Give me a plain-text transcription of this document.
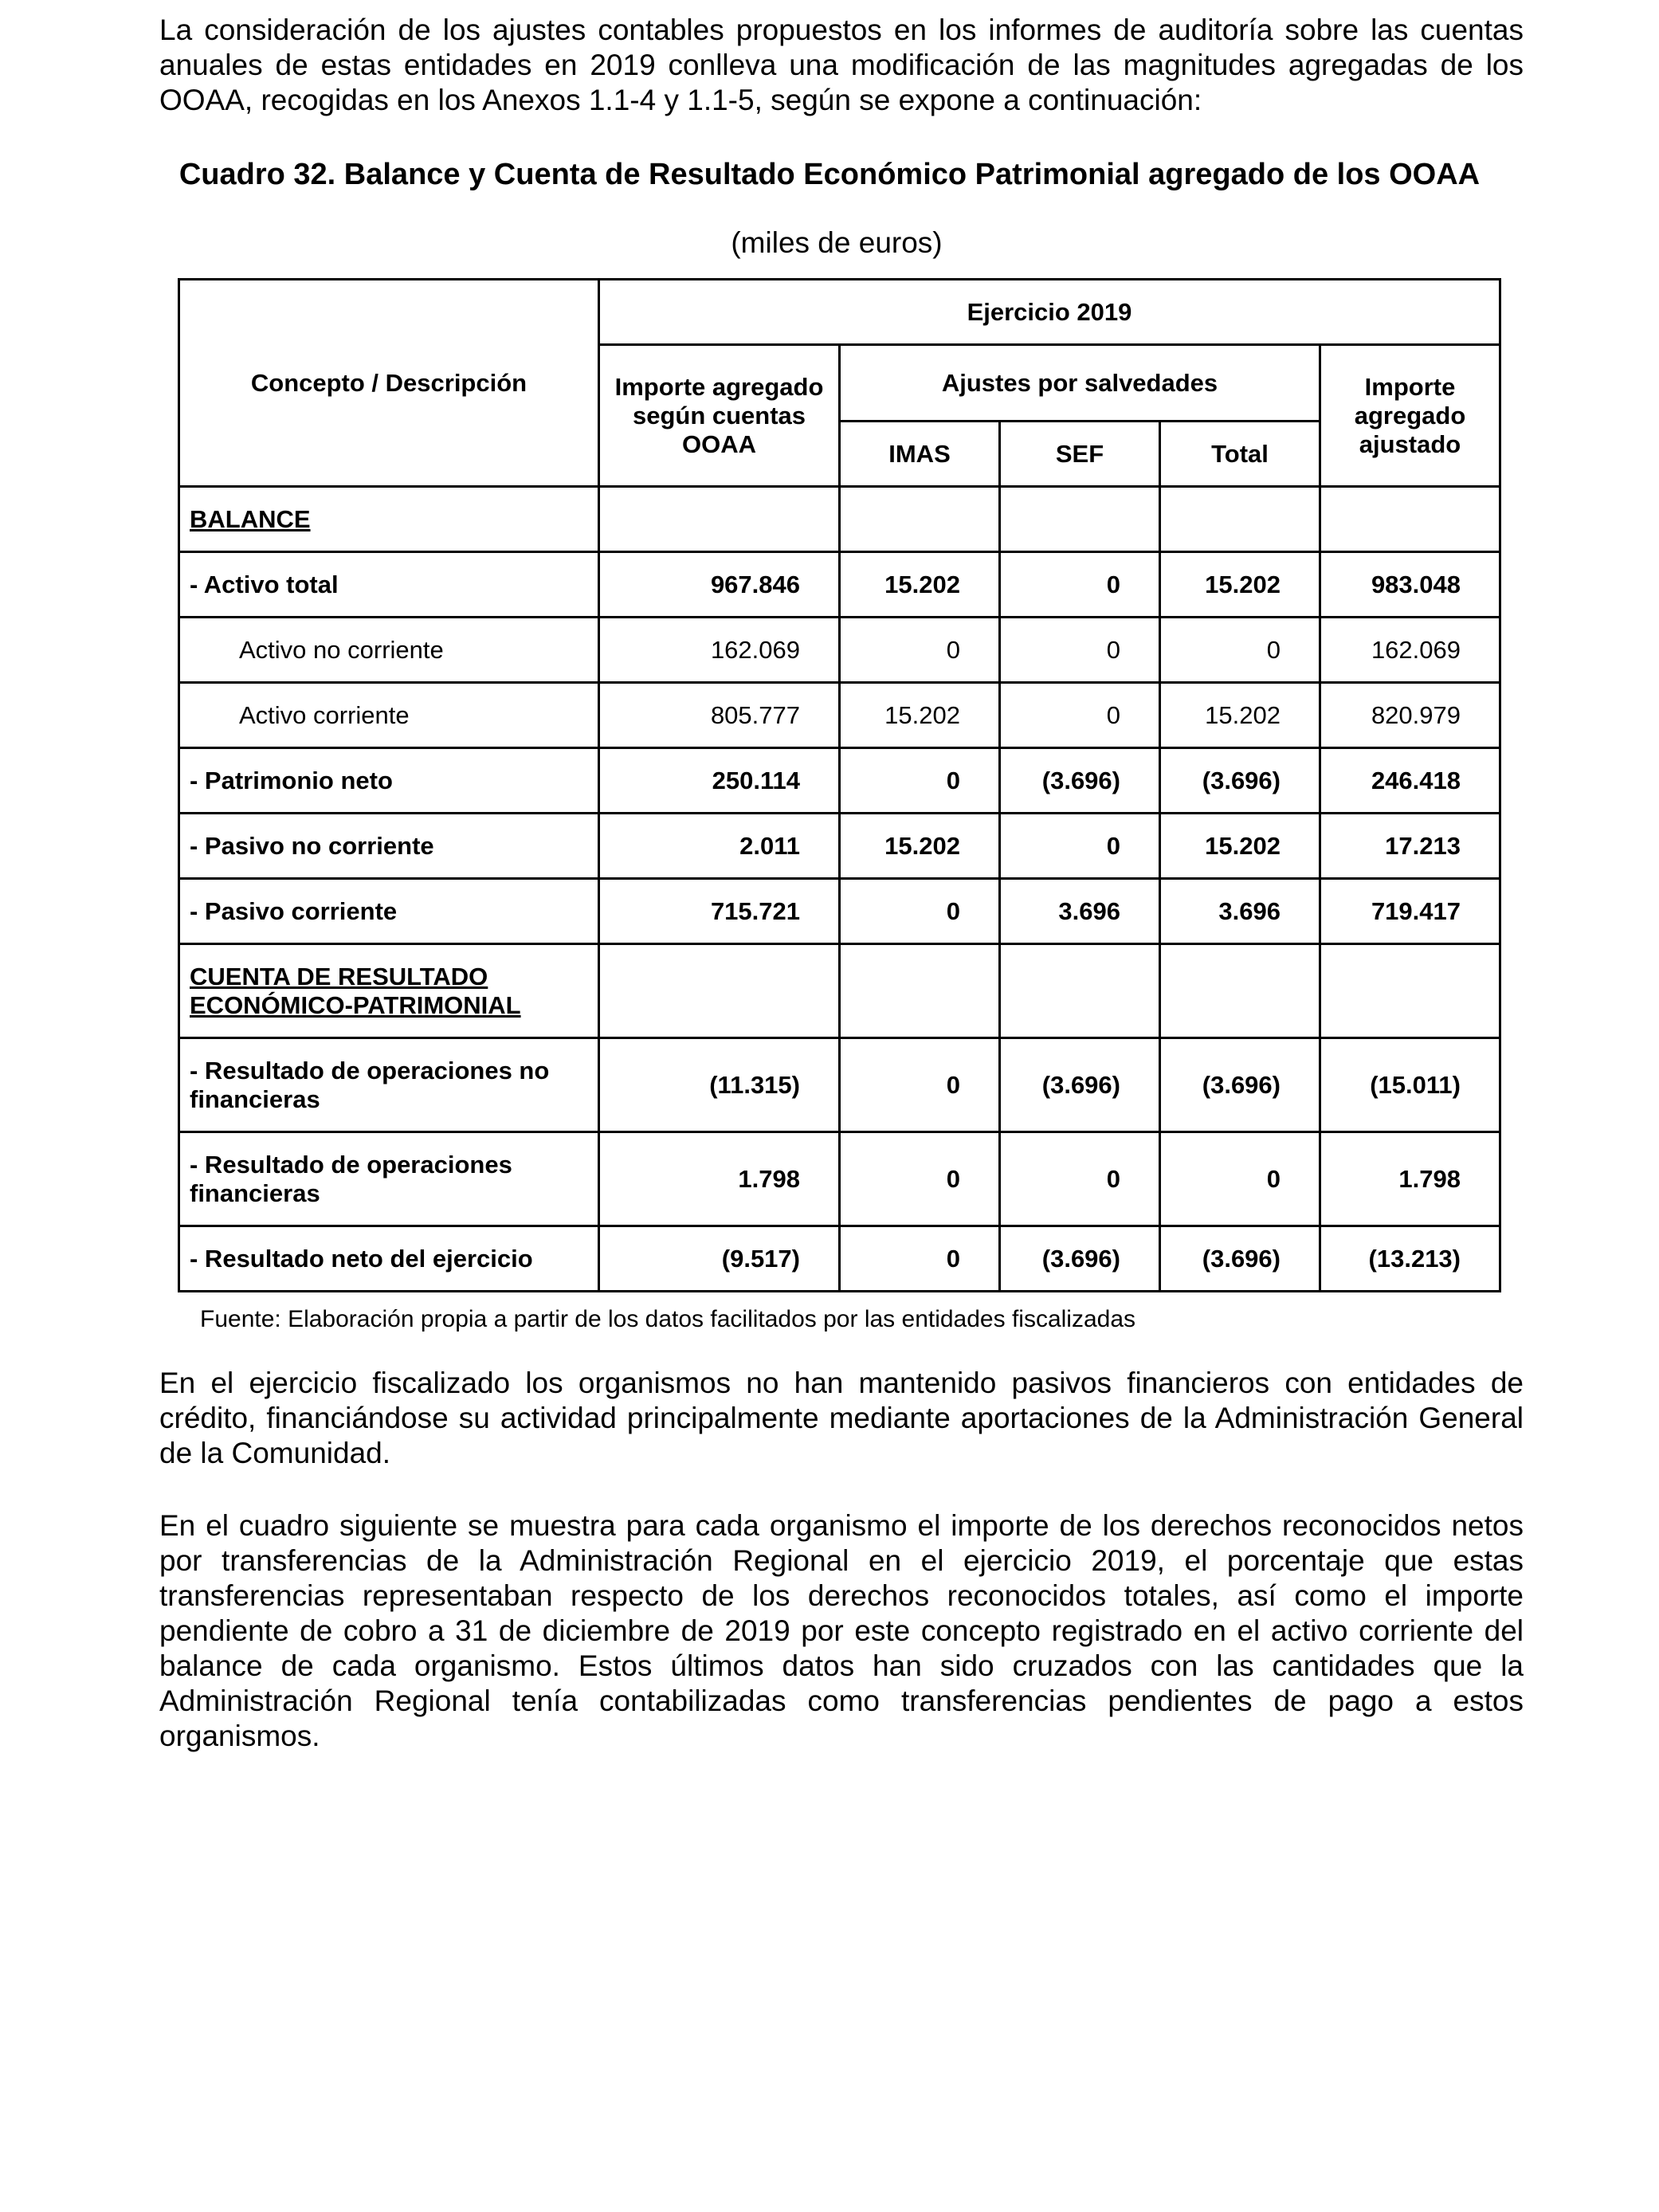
La consideración de los ajustes contables propuestos en los informes de auditoría sobre las cuentas anuales de estas entidades en 2019 conlleva una modificación de las magnitudes agregadas de los OOAA, recogidas en los Anexos 1.1-4 y 1.1-5, según se expone a continuación:

Cuadro 32. Balance y Cuenta de Resultado Económico Patrimonial agregado de los OOAA

(miles de euros)

Concepto / Descripción	Ejercicio 2019				
	Importe agregado según cuentas OOAA	Ajustes por salvedades			Importe agregado ajustado
		IMAS	SEF	Total	
BALANCE					
- Activo total	967.846	15.202	0	15.202	983.048
Activo no corriente	162.069	0	0	0	162.069
Activo corriente	805.777	15.202	0	15.202	820.979
- Patrimonio neto	250.114	0	(3.696)	(3.696)	246.418
- Pasivo no corriente	2.011	15.202	0	15.202	17.213
- Pasivo corriente	715.721	0	3.696	3.696	719.417
CUENTA DE RESULTADO ECONÓMICO-PATRIMONIAL					
- Resultado de operaciones no financieras	(11.315)	0	(3.696)	(3.696)	(15.011)
- Resultado de operaciones financieras	1.798	0	0	0	1.798
- Resultado neto del ejercicio	(9.517)	0	(3.696)	(3.696)	(13.213)

Fuente: Elaboración propia a partir de los datos facilitados por las entidades fiscalizadas

En el ejercicio fiscalizado los organismos no han mantenido pasivos financieros con entidades de crédito, financiándose su actividad principalmente mediante aportaciones de la Administración General de la Comunidad.

En el cuadro siguiente se muestra para cada organismo el importe de los derechos reconocidos netos por transferencias de la Administración Regional en el ejercicio 2019, el porcentaje que estas transferencias representaban respecto de los derechos reconocidos totales, así como el importe pendiente de cobro a 31 de diciembre de 2019 por este concepto registrado en el activo corriente del balance de cada organismo. Estos últimos datos han sido cruzados con las cantidades que la Administración Regional tenía contabilizadas como transferencias pendientes de pago a estos organismos.
